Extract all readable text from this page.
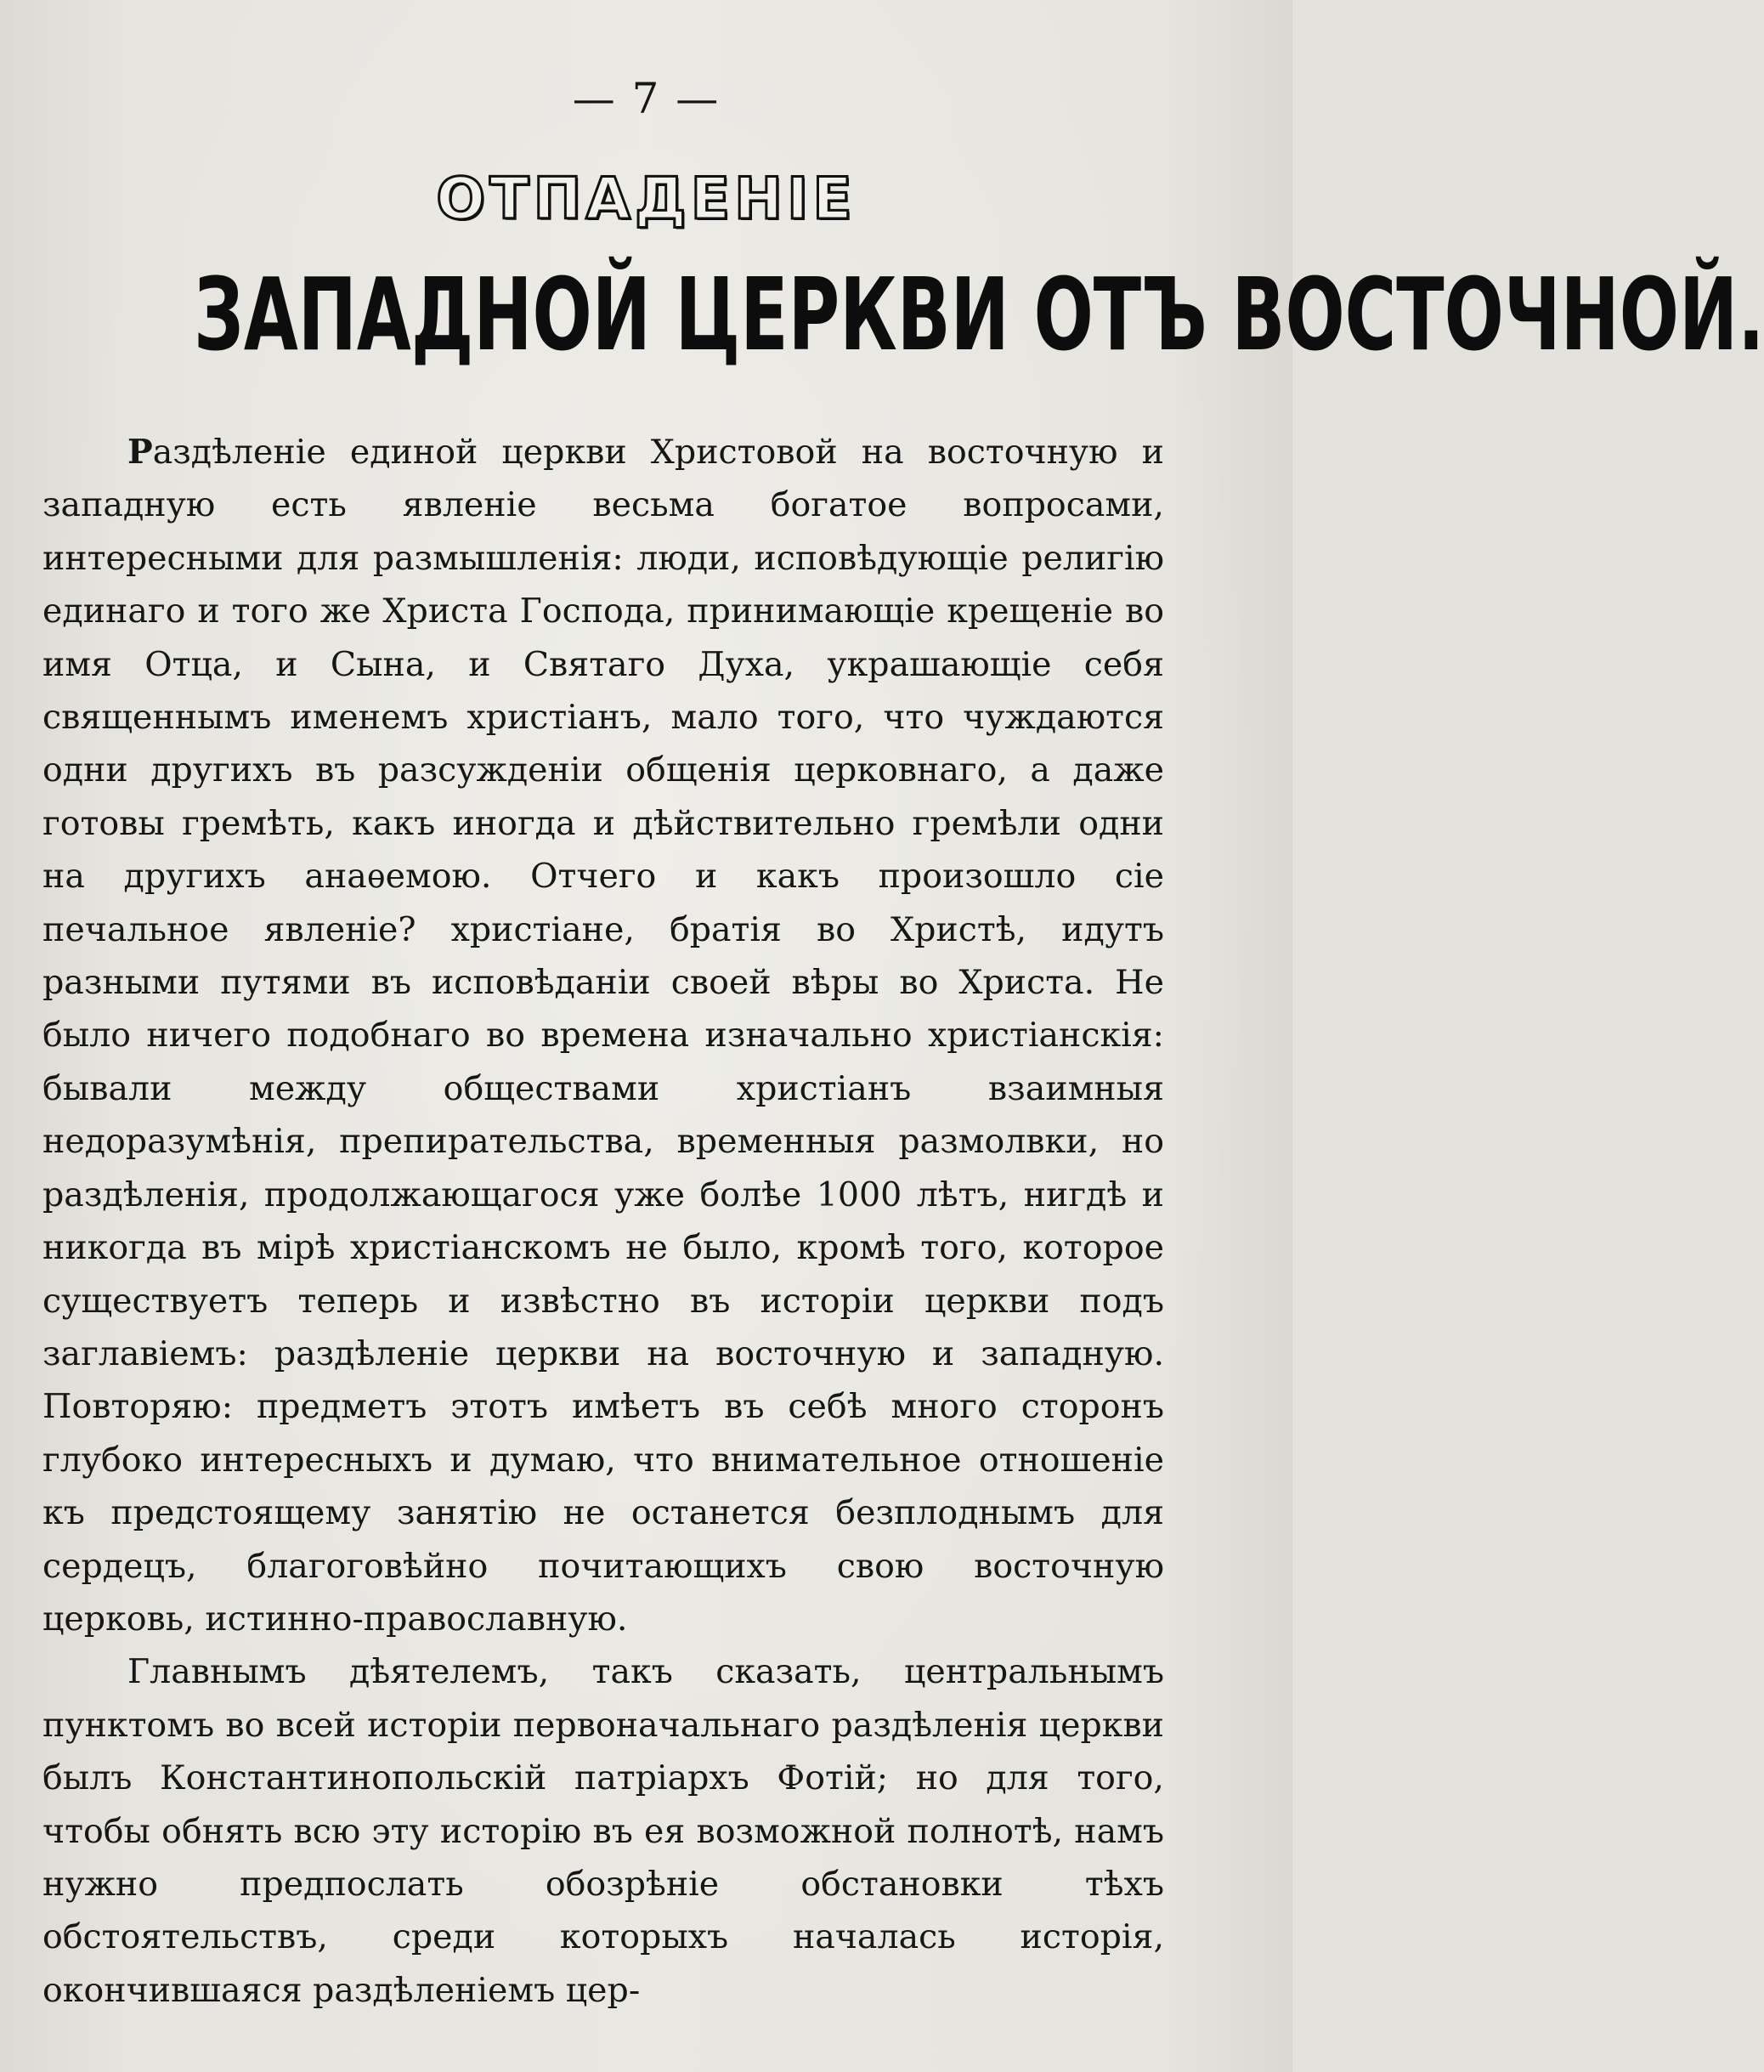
— 7 —
ОТПАДЕНІЕ
ЗАПАДНОЙ ЦЕРКВИ ОТЪ ВОСТОЧНОЙ.

Раздѣленіе единой церкви Христовой на восточную и западную есть явленіе весьма богатое вопросами, интересными для размышленія: люди, исповѣдующіе религію единаго и того же Христа Господа, принимающіе крещеніе во имя Отца, и Сына, и Святаго Духа, украшающіе себя священнымъ именемъ христіанъ, мало того, что чуждаются одни другихъ въ разсужденіи общенія церковнаго, а даже готовы гремѣть, какъ иногда и дѣйствительно гремѣли одни на другихъ анаѳемою. Отчего и какъ произошло сіе печальное явленіе? христіане, братія во Христѣ, идутъ разными путями въ исповѣданіи своей вѣры во Христа. Не было ничего подобнаго во времена изначально христіанскія: бывали между обществами христіанъ взаимныя недоразумѣнія, препирательства, временныя размолвки, но раздѣленія, продолжающагося уже болѣе 1000 лѣтъ, нигдѣ и никогда въ мірѣ христіанскомъ не было, кромѣ того, которое существуетъ теперь и извѣстно въ исторіи церкви подъ заглавіемъ: раздѣленіе церкви на восточную и западную. Повторяю: предметъ этотъ имѣетъ въ себѣ много сторонъ глубоко интересныхъ и думаю, что внимательное отношеніе къ предстоящему занятію не останется безплоднымъ для сердецъ, благоговѣйно почитающихъ свою восточную церковь, истинно-православную.

Главнымъ дѣятелемъ, такъ сказать, центральнымъ пунктомъ во всей исторіи первоначальнаго раздѣленія церкви былъ Константинопольскій патріархъ Фотій; но для того, чтобы обнять всю эту исторію въ ея возможной полнотѣ, намъ нужно предпослать обозрѣніе обстановки тѣхъ обстоятельствъ, среди которыхъ началась исторія, окончившаяся раздѣленіемъ цер-
